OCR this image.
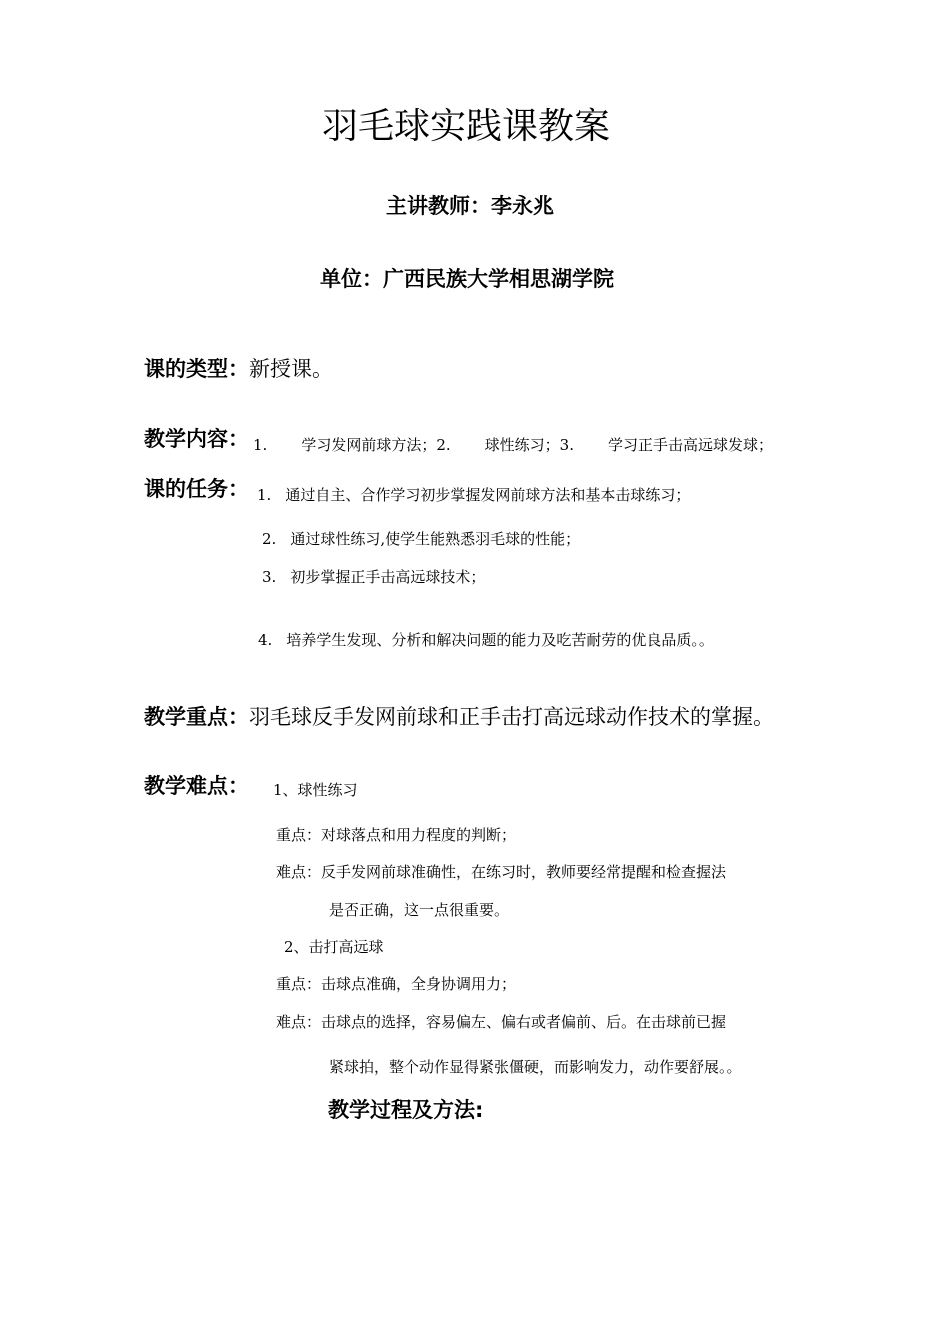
羽毛球实践课教案
主讲教师：李永兆
单位：广西民族大学相思湖学院
课的类型：新授课。
教学内容： 1. 学习发网前球方法；2. 球性练习；3. 学习正手击高远球发球；
课的任务： 1. 通过自主、合作学习初步掌握发网前球方法和基本击球练习；
2. 通过球性练习,使学生能熟悉羽毛球的性能；
3. 初步掌握正手击高远球技术；
4. 培养学生发现、分析和解决问题的能力及吃苦耐劳的优良品质。。
教学重点：羽毛球反手发网前球和正手击打高远球动作技术的掌握。
教学难点： 1、球性练习
重点：对球落点和用力程度的判断；
难点：反手发网前球准确性，在练习时，教师要经常提醒和检查握法
是否正确，这一点很重要。
2、击打高远球
重点：击球点准确，全身协调用力；
难点：击球点的选择，容易偏左、偏右或者偏前、后。在击球前已握
紧球拍，整个动作显得紧张僵硬，而影响发力，动作要舒展。。
教学过程及方法:
